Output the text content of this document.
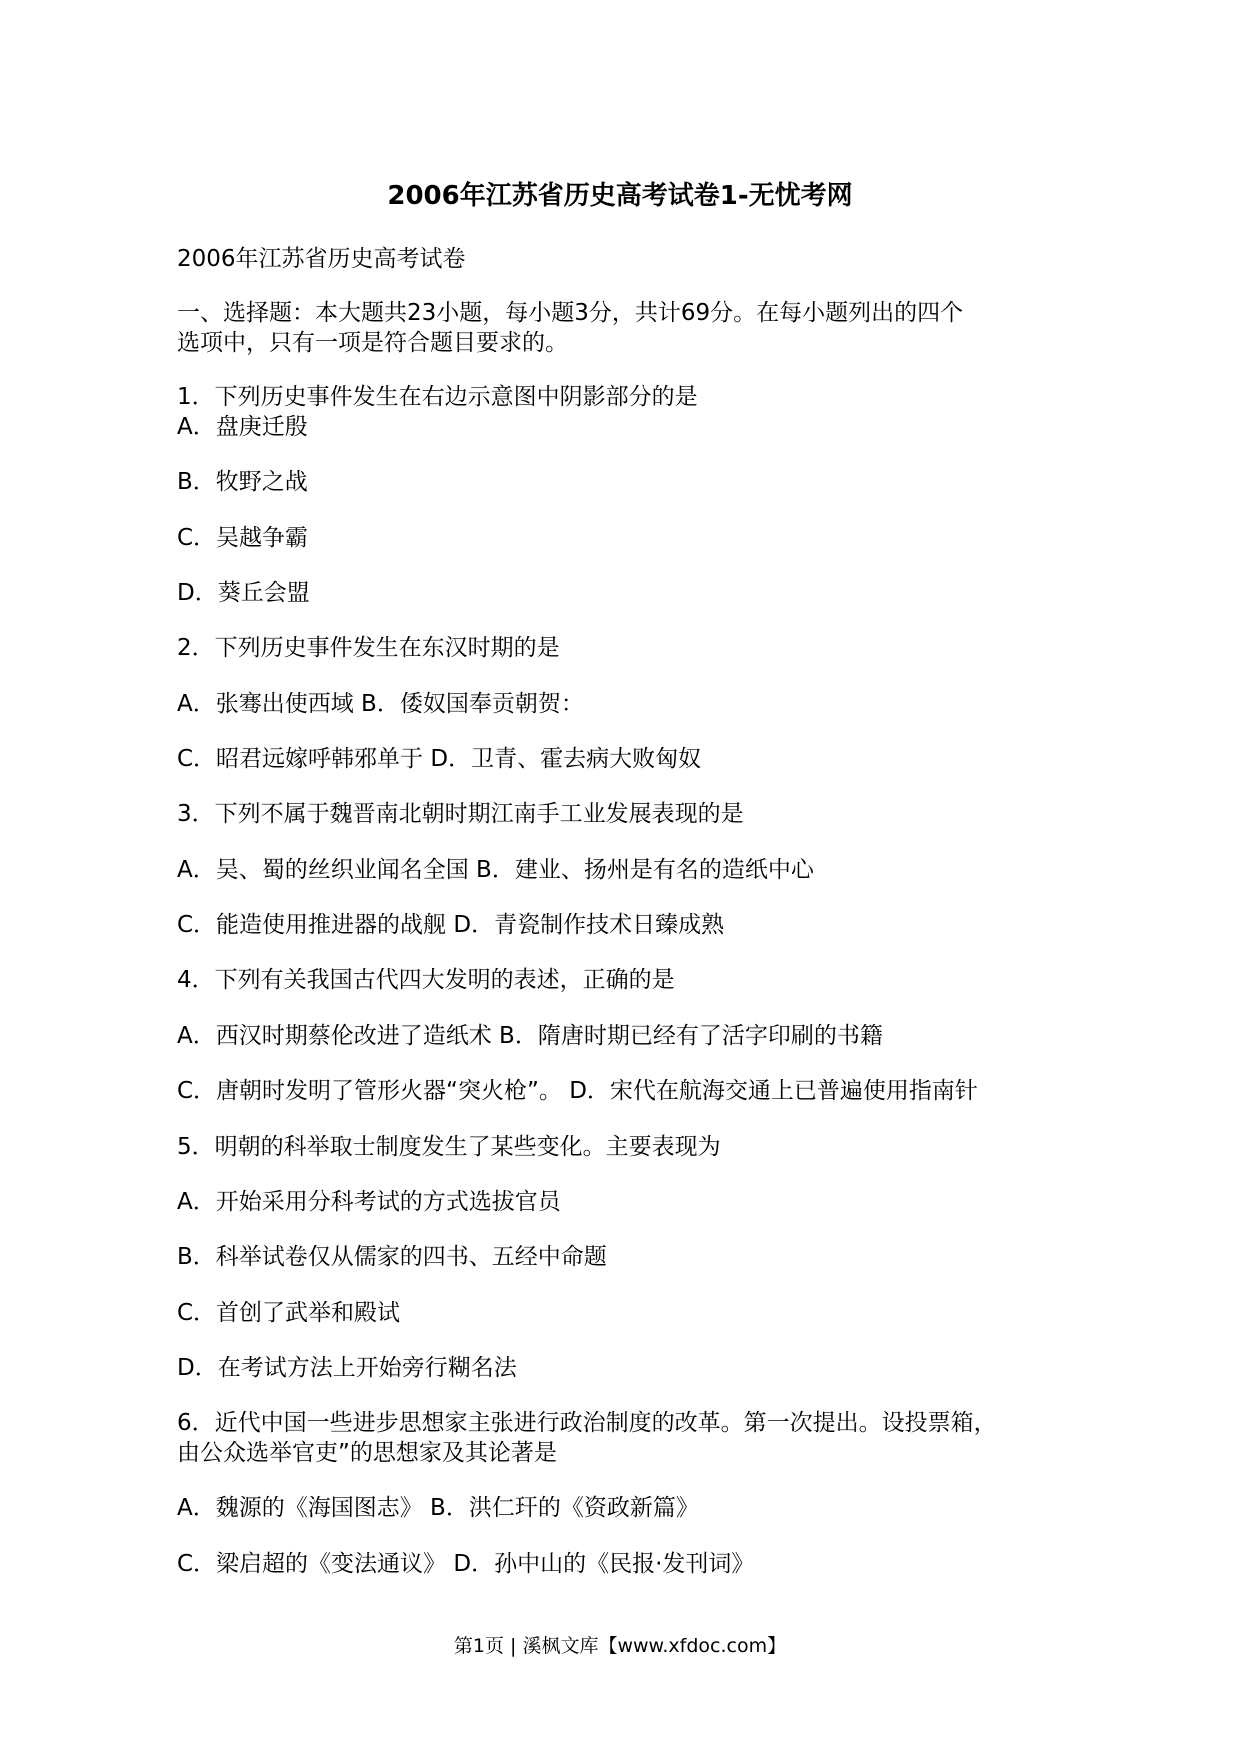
2006年江苏省历史高考试卷1-无忧考网
2006年江苏省历史高考试卷
一、选择题：本大题共23小题，每小题3分，共计69分。在每小题列出的四个
选项中，只有一项是符合题目要求的。
1．下列历史事件发生在右边示意图中阴影部分的是
A．盘庚迁殷
B．牧野之战
C．吴越争霸
D．葵丘会盟
2．下列历史事件发生在东汉时期的是
A．张骞出使西域 B．倭奴国奉贡朝贺：
C．昭君远嫁呼韩邪单于 D．卫青、霍去病大败匈奴
3．下列不属于魏晋南北朝时期江南手工业发展表现的是
A．吴、蜀的丝织业闻名全国 B．建业、扬州是有名的造纸中心
C．能造使用推进器的战舰 D．青瓷制作技术日臻成熟
4．下列有关我国古代四大发明的表述，正确的是
A．西汉时期蔡伦改进了造纸术 B．隋唐时期已经有了活字印刷的书籍
C．唐朝时发明了管形火器“突火枪”。 D．宋代在航海交通上已普遍使用指南针
5．明朝的科举取士制度发生了某些变化。主要表现为
A．开始采用分科考试的方式选拔官员
B．科举试卷仅从儒家的四书、五经中命题
C．首创了武举和殿试
D．在考试方法上开始旁行糊名法
6．近代中国一些进步思想家主张进行政治制度的改革。第一次提出。设投票箱，
由公众选举官吏”的思想家及其论著是
A．魏源的《海国图志》 B．洪仁玕的《资政新篇》
C．梁启超的《变法通议》 D．孙中山的《民报·发刊词》
第1页 | 溪枫文库【www.xfdoc.com】
